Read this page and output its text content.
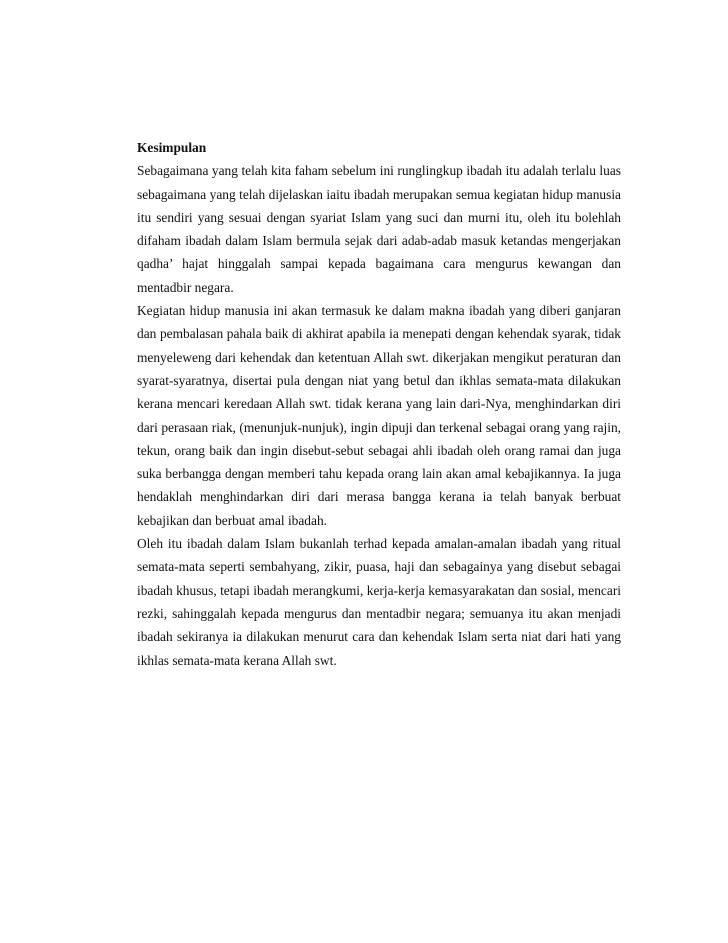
Kesimpulan

Sebagaimana yang telah kita faham sebelum ini runglingkup ibadah itu adalah terlalu luas sebagaimana yang telah dijelaskan iaitu ibadah merupakan semua kegiatan hidup manusia itu sendiri yang sesuai dengan syariat Islam yang suci dan murni itu, oleh itu bolehlah difaham ibadah dalam Islam bermula sejak dari adab-adab masuk ketandas mengerjakan qadha’ hajat hinggalah sampai kepada bagaimana cara mengurus kewangan dan mentadbir negara.

Kegiatan hidup manusia ini akan termasuk ke dalam makna ibadah yang diberi ganjaran dan pembalasan pahala baik di akhirat apabila ia menepati dengan kehendak syarak, tidak menyeleweng dari kehendak dan ketentuan Allah swt. dikerjakan mengikut peraturan dan syarat-syaratnya, disertai pula dengan niat yang betul dan ikhlas semata-mata dilakukan kerana mencari keredaan Allah swt. tidak kerana yang lain dari-Nya, menghindarkan diri dari perasaan riak, (menunjuk-nunjuk), ingin dipuji dan terkenal sebagai orang yang rajin, tekun, orang baik dan ingin disebut-sebut sebagai ahli ibadah oleh orang ramai dan juga suka berbangga dengan memberi tahu kepada orang lain akan amal kebajikannya. Ia juga hendaklah menghindarkan diri dari merasa bangga kerana ia telah banyak berbuat kebajikan dan berbuat amal ibadah.

Oleh itu ibadah dalam Islam bukanlah terhad kepada amalan-amalan ibadah yang ritual semata-mata seperti sembahyang, zikir, puasa, haji dan sebagainya yang disebut sebagai ibadah khusus, tetapi ibadah merangkumi, kerja-kerja kemasyarakatan dan sosial, mencari rezki, sahinggalah kepada mengurus dan mentadbir negara; semuanya itu akan menjadi ibadah sekiranya ia dilakukan menurut cara dan kehendak Islam serta niat dari hati yang ikhlas semata-mata kerana Allah swt.
